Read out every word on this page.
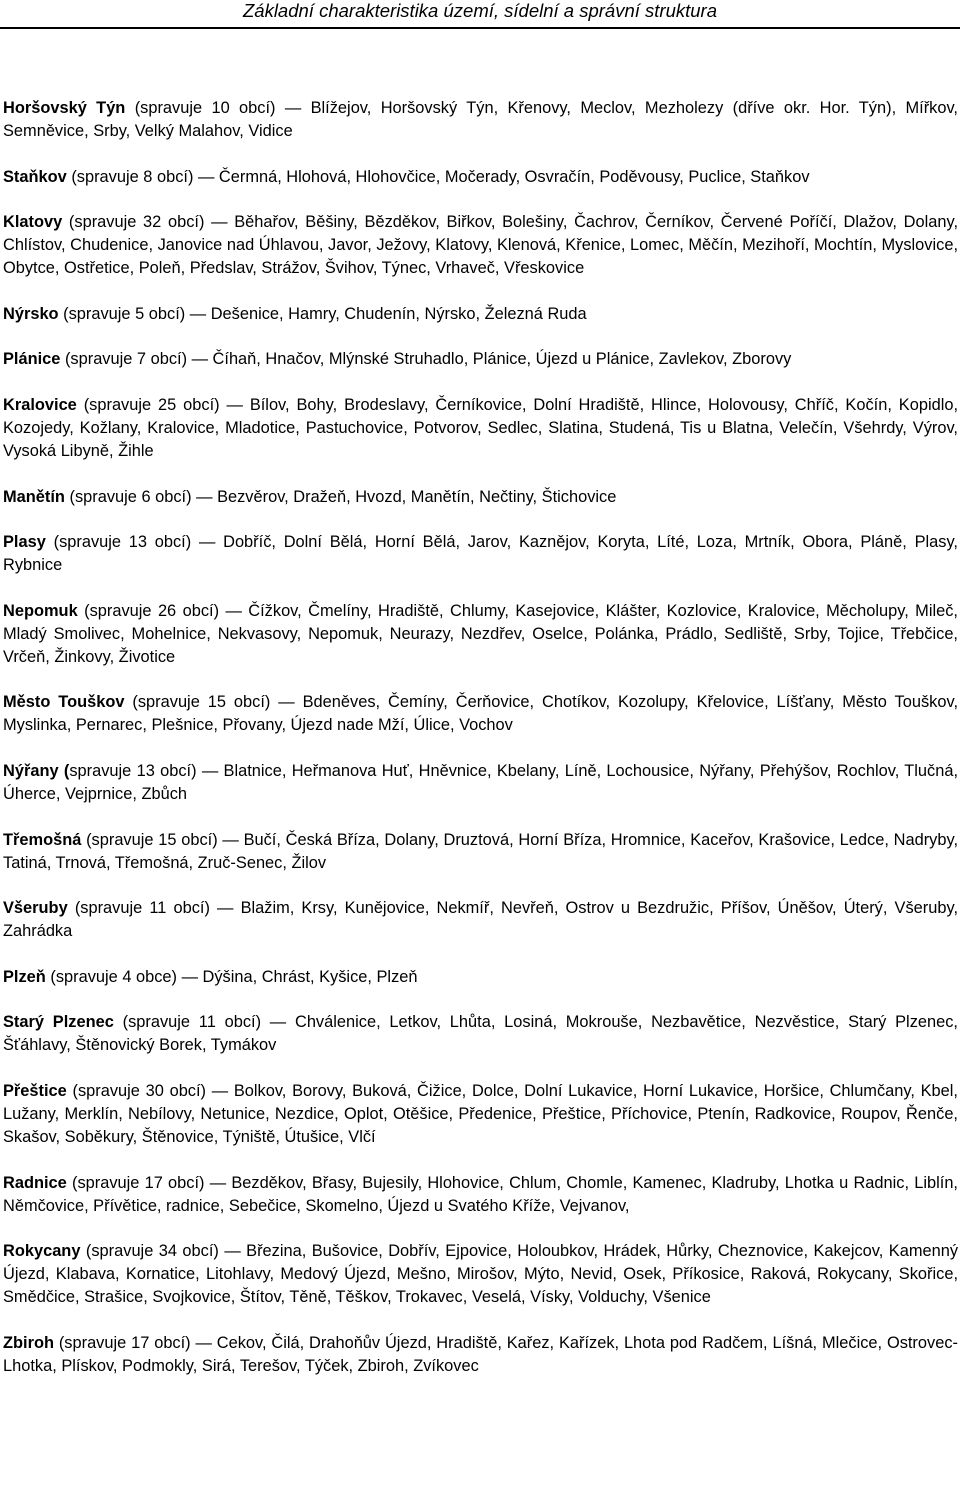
Základní charakteristika území, sídelní a správní struktura

Horšovský Týn (spravuje 10 obcí) — Blížejov, Horšovský Týn, Křenovy, Meclov, Mezholezy (dříve okr. Hor. Týn), Mířkov, Semněvice, Srby, Velký Malahov, Vidice

Staňkov (spravuje 8 obcí) — Čermná, Hlohová, Hlohovčice, Močerady, Osvračín, Poděvousy, Puclice, Staňkov

Klatovy (spravuje 32 obcí) — Běhařov, Běšiny, Bězděkov, Biřkov, Bolešiny, Čachrov, Černíkov, Červené Poříčí, Dlažov, Dolany, Chlístov, Chudenice, Janovice nad Úhlavou, Javor, Ježovy, Klatovy, Klenová, Křenice, Lomec, Měčín, Mezihoří, Mochtín, Myslovice, Obytce, Ostřetice, Poleň, Předslav, Strážov, Švihov, Týnec, Vrhaveč, Vřeskovice

Nýrsko (spravuje 5 obcí) — Dešenice, Hamry, Chudenín, Nýrsko, Železná Ruda

Plánice (spravuje 7 obcí) — Číhaň, Hnačov, Mlýnské Struhadlo, Plánice, Újezd u Plánice, Zavlekov, Zborovy

Kralovice (spravuje 25 obcí) — Bílov, Bohy, Brodeslavy, Černíkovice, Dolní Hradiště, Hlince, Holovousy, Chříč, Kočín, Kopidlo, Kozojedy, Kožlany, Kralovice, Mladotice, Pastuchovice, Potvorov, Sedlec, Slatina, Studená, Tis u Blatna, Velečín, Všehrdy, Výrov, Vysoká Libyně, Žihle

Manětín (spravuje 6 obcí) — Bezvěrov, Dražeň, Hvozd, Manětín, Nečtiny, Štichovice

Plasy (spravuje 13 obcí) — Dobříč, Dolní Bělá, Horní Bělá, Jarov, Kaznějov, Koryta, Líté, Loza, Mrtník, Obora, Pláně, Plasy, Rybnice

Nepomuk (spravuje 26 obcí) — Čížkov, Čmelíny, Hradiště, Chlumy, Kasejovice, Klášter, Kozlovice, Kralovice, Měcholupy, Mileč, Mladý Smolivec, Mohelnice, Nekvasovy, Nepomuk, Neurazy, Nezdřev, Oselce, Polánka, Prádlo, Sedliště, Srby, Tojice, Třebčice, Vrčeň, Žinkovy, Životice

Město Touškov (spravuje 15 obcí) — Bdeněves, Čemíny, Čerňovice, Chotíkov, Kozolupy, Křelovice, Líšťany, Město Touškov, Myslinka, Pernarec, Plešnice, Přovany, Újezd nade Mží, Úlice, Vochov

Nýřany (spravuje 13 obcí) — Blatnice, Heřmanova Huť, Hněvnice, Kbelany, Líně, Lochousice, Nýřany, Přehýšov, Rochlov, Tlučná, Úherce, Vejprnice, Zbůch

Třemošná (spravuje 15 obcí) — Bučí, Česká Bříza, Dolany, Druztová, Horní Bříza, Hromnice, Kaceřov, Krašovice, Ledce, Nadryby, Tatiná, Trnová, Třemošná, Zruč-Senec, Žilov

Všeruby (spravuje 11 obcí) — Blažim, Krsy, Kunějovice, Nekmíř, Nevřeň, Ostrov u Bezdružic, Příšov, Úněšov, Úterý, Všeruby, Zahrádka

Plzeň (spravuje 4 obce) — Dýšina, Chrást, Kyšice, Plzeň

Starý Plzenec (spravuje 11 obcí) — Chválenice, Letkov, Lhůta, Losiná, Mokrouše, Nezbavětice, Nezvěstice, Starý Plzenec, Šťáhlavy, Štěnovický Borek, Tymákov

Přeštice (spravuje 30 obcí) — Bolkov, Borovy, Buková, Čižice, Dolce, Dolní Lukavice, Horní Lukavice, Horšice, Chlumčany, Kbel, Lužany, Merklín, Nebílovy, Netunice, Nezdice, Oplot, Otěšice, Předenice, Přeštice, Příchovice, Ptenín, Radkovice, Roupov, Řenče, Skašov, Soběkury, Štěnovice, Týniště, Útušice, Vlčí

Radnice (spravuje 17 obcí) — Bezděkov, Břasy, Bujesily, Hlohovice, Chlum, Chomle, Kamenec, Kladruby, Lhotka u Radnic, Liblín, Němčovice, Přívětice, radnice, Sebečice, Skomelno, Újezd u Svatého Kříže, Vejvanov,

Rokycany (spravuje 34 obcí) — Březina, Bušovice, Dobřív, Ejpovice, Holoubkov, Hrádek, Hůrky, Cheznovice, Kakejcov, Kamenný Újezd, Klabava, Kornatice, Litohlavy, Medový Újezd, Mešno, Mirošov, Mýto, Nevid, Osek, Příkosice, Raková, Rokycany, Skořice, Smědčice, Strašice, Svojkovice, Štítov, Těně, Těškov, Trokavec, Veselá, Vísky, Volduchy, Všenice

Zbiroh (spravuje 17 obcí) — Cekov, Čilá, Drahoňův Újezd, Hradiště, Kařez, Kařízek, Lhota pod Radčem, Líšná, Mlečice, Ostrovec-Lhotka, Plískov, Podmokly, Sirá, Terešov, Týček, Zbiroh, Zvíkovec
